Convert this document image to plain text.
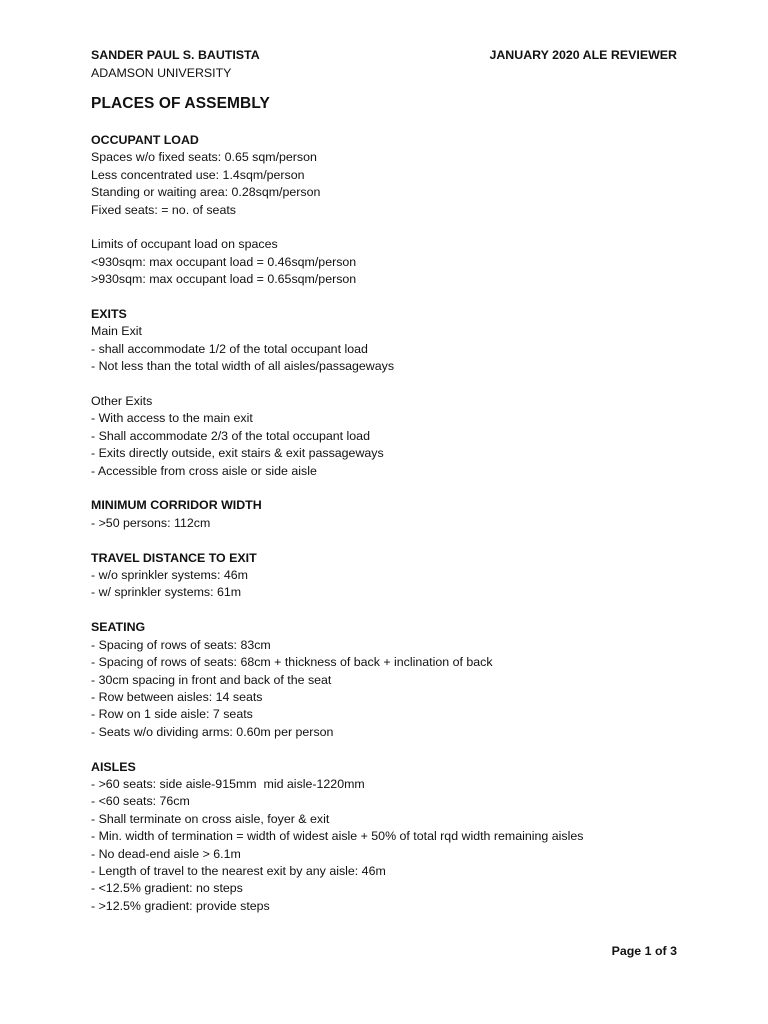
SANDER PAUL S. BAUTISTA
ADAMSON UNIVERSITY
JANUARY 2020 ALE REVIEWER
PLACES OF ASSEMBLY
OCCUPANT LOAD
Spaces w/o fixed seats: 0.65 sqm/person
Less concentrated use: 1.4sqm/person
Standing or waiting area: 0.28sqm/person
Fixed seats: = no. of seats
Limits of occupant load on spaces
<930sqm: max occupant load = 0.46sqm/person
>930sqm: max occupant load = 0.65sqm/person
EXITS
Main Exit
- shall accommodate 1/2 of the total occupant load
- Not less than the total width of all aisles/passageways
Other Exits
- With access to the main exit
- Shall accommodate 2/3 of the total occupant load
- Exits directly outside, exit stairs & exit passageways
- Accessible from cross aisle or side aisle
MINIMUM CORRIDOR WIDTH
- >50 persons: 112cm
TRAVEL DISTANCE TO EXIT
- w/o sprinkler systems: 46m
- w/ sprinkler systems: 61m
SEATING
- Spacing of rows of seats: 83cm
- Spacing of rows of seats: 68cm + thickness of back + inclination of back
- 30cm spacing in front and back of the seat
- Row between aisles: 14 seats
- Row on 1 side aisle: 7 seats
- Seats w/o dividing arms: 0.60m per person
AISLES
- >60 seats: side aisle-915mm  mid aisle-1220mm
- <60 seats: 76cm
- Shall terminate on cross aisle, foyer & exit
- Min. width of termination = width of widest aisle + 50% of total rqd width remaining aisles
- No dead-end aisle > 6.1m
- Length of travel to the nearest exit by any aisle: 46m
- <12.5% gradient: no steps
- >12.5% gradient: provide steps
Page 1 of 3
